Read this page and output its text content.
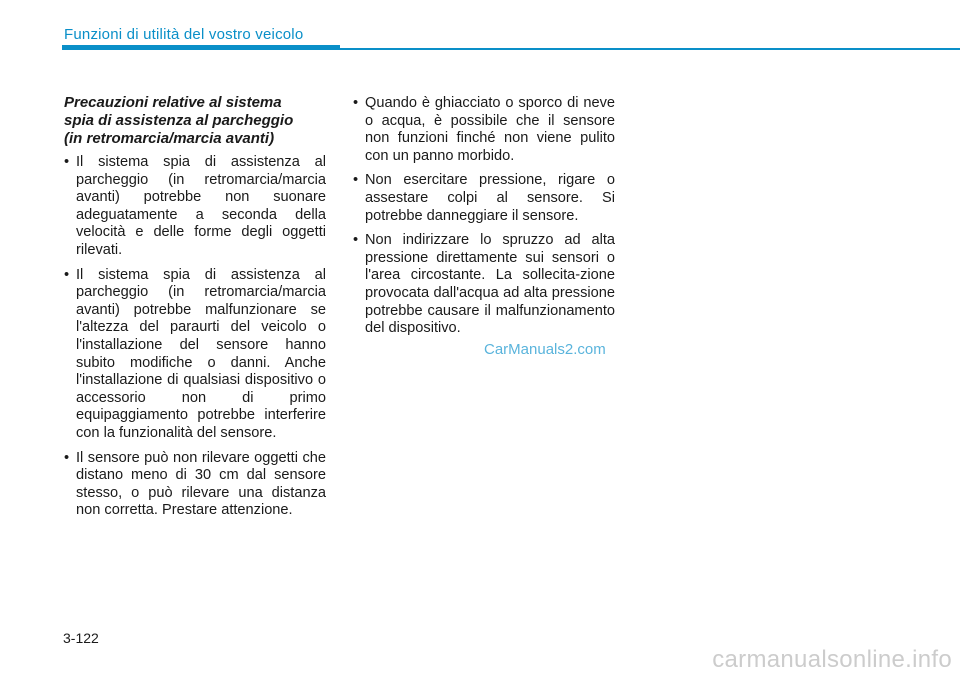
Funzioni di utilità del vostro veicolo
Precauzioni relative al sistema
spia di assistenza al parcheggio
(in retromarcia/marcia avanti)
• Il sistema spia di assistenza al parcheggio (in retromarcia/marcia avanti) potrebbe non suonare adeguatamente a seconda della velocità e delle forme degli oggetti rilevati.
• Il sistema spia di assistenza al parcheggio (in retromarcia/marcia avanti) potrebbe malfunzionare se l'altezza del paraurti del veicolo o l'installazione del sensore hanno subito modifiche o danni. Anche l'installazione di qualsiasi dispositivo o accessorio non di primo equipaggiamento potrebbe interferire con la funzionalità del sensore.
• Il sensore può non rilevare oggetti che distano meno di 30 cm dal sensore stesso, o può rilevare una distanza non corretta. Prestare attenzione.
• Quando è ghiacciato o sporco di neve o acqua, è possibile che il sensore non funzioni finché non viene pulito con un panno morbido.
• Non esercitare pressione, rigare o assestare colpi al sensore. Si potrebbe danneggiare il sensore.
• Non indirizzare lo spruzzo ad alta pressione direttamente sui sensori o l'area circostante. La sollecita-zione provocata dall'acqua ad alta pressione potrebbe causare il malfunzionamento del dispositivo.
CarManuals2.com
3-122
carmanualsonline.info
